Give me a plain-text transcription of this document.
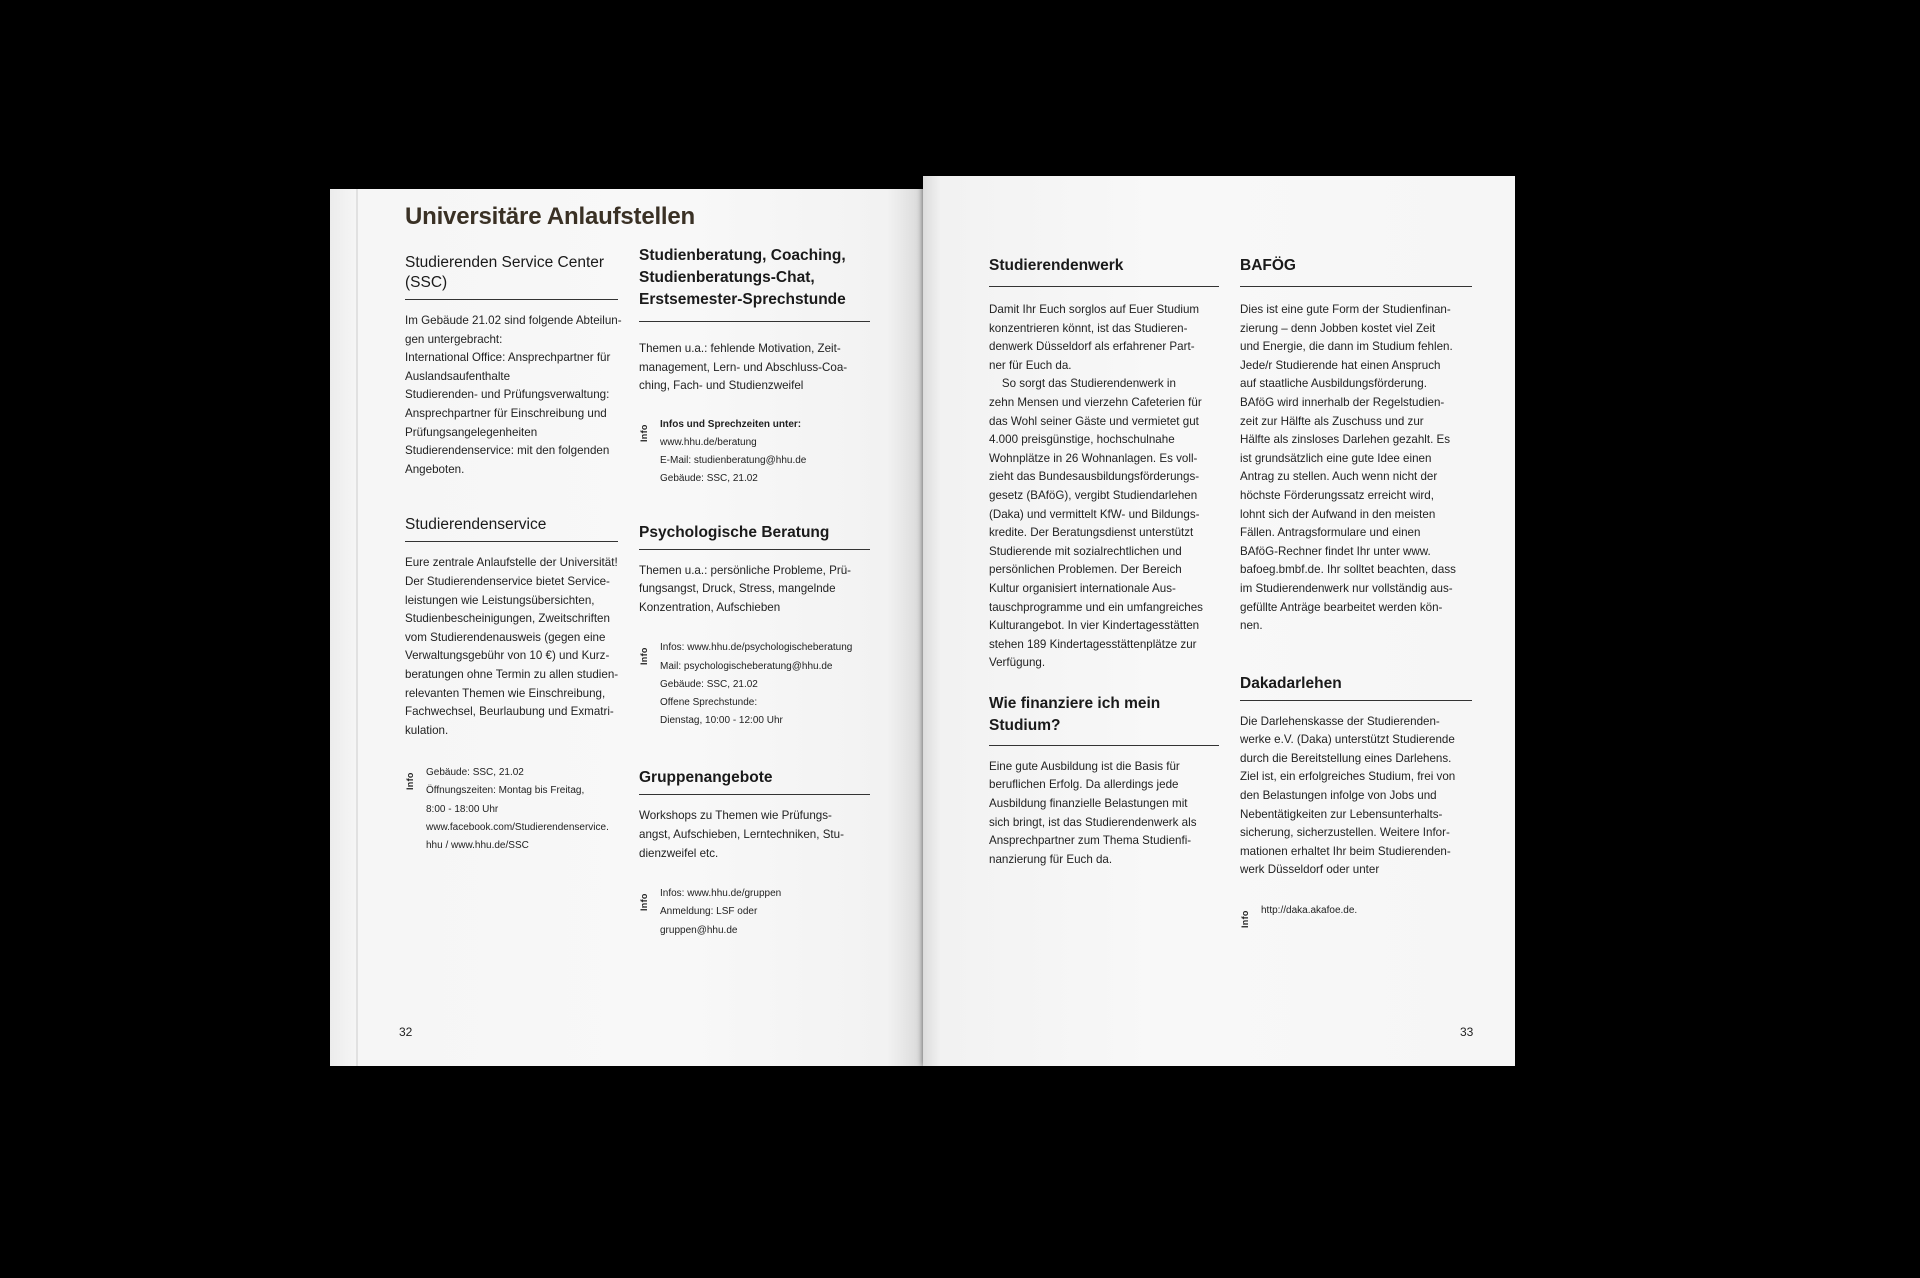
Universitäre Anlaufstellen
Studierenden Service Center (SSC)
Im Gebäude 21.02 sind folgende Abteilun-
gen untergebracht:
International Office: Ansprechpartner für
Auslandsaufenthalte
Studierenden- und Prüfungsverwaltung:
Ansprechpartner für Einschreibung und
Prüfungsangelegenheiten
Studierendenservice: mit den folgenden
Angeboten.
Studierendenservice
Eure zentrale Anlaufstelle der Universität!
Der Studierendenservice bietet Service-
leistungen wie Leistungsübersichten,
Studienbescheinigungen, Zweitschriften
vom Studierendenausweis (gegen eine
Verwaltungsgebühr von 10 €) und Kurz-
beratungen ohne Termin zu allen studien-
relevanten Themen wie Einschreibung,
Fachwechsel, Beurlaubung und Exmatri-
kulation.
Info Gebäude: SSC, 21.02

Öffnungszeiten: Montag bis Freitag,

8:00 - 18:00 Uhr

www.facebook.com/Studierendenservice.

hhu / www.hhu.de/SSC

Studienberatung, Coaching, Studienberatungs-Chat, Erstsemester-Sprechstunde
Themen u.a.: fehlende Motivation, Zeit-
management, Lern- und Abschluss-Coa-
ching, Fach- und Studienzweifel
Info Infos und Sprechzeiten unter:

www.hhu.de/beratung

E-Mail: studienberatung@hhu.de

Gebäude: SSC, 21.02

Psychologische Beratung
Themen u.a.: persönliche Probleme, Prü-
fungsangst, Druck, Stress, mangelnde
Konzentration, Aufschieben
Info Infos: www.hhu.de/psychologischeberatung

Mail: psychologischeberatung@hhu.de

Gebäude: SSC, 21.02

Offene Sprechstunde:

Dienstag, 10:00 - 12:00 Uhr

Gruppenangebote
Workshops zu Themen wie Prüfungs-
angst, Aufschieben, Lerntechniken, Stu-
dienzweifel etc.
Info Infos: www.hhu.de/gruppen

Anmeldung: LSF oder

gruppen@hhu.de

32
Studierendenwerk
Damit Ihr Euch sorglos auf Euer Studium
konzentrieren könnt, ist das Studieren-
denwerk Düsseldorf als erfahrener Part-
ner für Euch da.
So sorgt das Studierendenwerk in
zehn Mensen und vierzehn Cafeterien für
das Wohl seiner Gäste und vermietet gut
4.000 preisgünstige, hochschulnahe
Wohnplätze in 26 Wohnanlagen. Es voll-
zieht das Bundesausbildungsförderungs-
gesetz (BAföG), vergibt Studiendarlehen
(Daka) und vermittelt KfW- und Bildungs-
kredite. Der Beratungsdienst unterstützt
Studierende mit sozialrechtlichen und
persönlichen Problemen. Der Bereich
Kultur organisiert internationale Aus-
tauschprogramme und ein umfangreiches
Kulturangebot. In vier Kindertagesstätten
stehen 189 Kindertagesstättenplätze zur
Verfügung.
Wie finanziere ich mein Studium?
Eine gute Ausbildung ist die Basis für
beruflichen Erfolg. Da allerdings jede
Ausbildung finanzielle Belastungen mit
sich bringt, ist das Studierendenwerk als
Ansprechpartner zum Thema Studienfi-
nanzierung für Euch da.
BAFÖG
Dies ist eine gute Form der Studienfinan-
zierung – denn Jobben kostet viel Zeit
und Energie, die dann im Studium fehlen.
Jede/r Studierende hat einen Anspruch
auf staatliche Ausbildungsförderung.
BAföG wird innerhalb der Regelstudien-
zeit zur Hälfte als Zuschuss und zur
Hälfte als zinsloses Darlehen gezahlt. Es
ist grundsätzlich eine gute Idee einen
Antrag zu stellen. Auch wenn nicht der
höchste Förderungssatz erreicht wird,
lohnt sich der Aufwand in den meisten
Fällen. Antragsformulare und einen
BAföG-Rechner findet Ihr unter www.
bafoeg.bmbf.de. Ihr solltet beachten, dass
im Studierendenwerk nur vollständig aus-
gefüllte Anträge bearbeitet werden kön-
nen.
Dakadarlehen
Die Darlehenskasse der Studierenden-
werke e.V. (Daka) unterstützt Studierende
durch die Bereitstellung eines Darlehens.
Ziel ist, ein erfolgreiches Studium, frei von
den Belastungen infolge von Jobs und
Nebentätigkeiten zur Lebensunterhalts-
sicherung, sicherzustellen. Weitere Infor-
mationen erhaltet Ihr beim Studierenden-
werk Düsseldorf oder unter
Info http://daka.akafoe.de.

33
